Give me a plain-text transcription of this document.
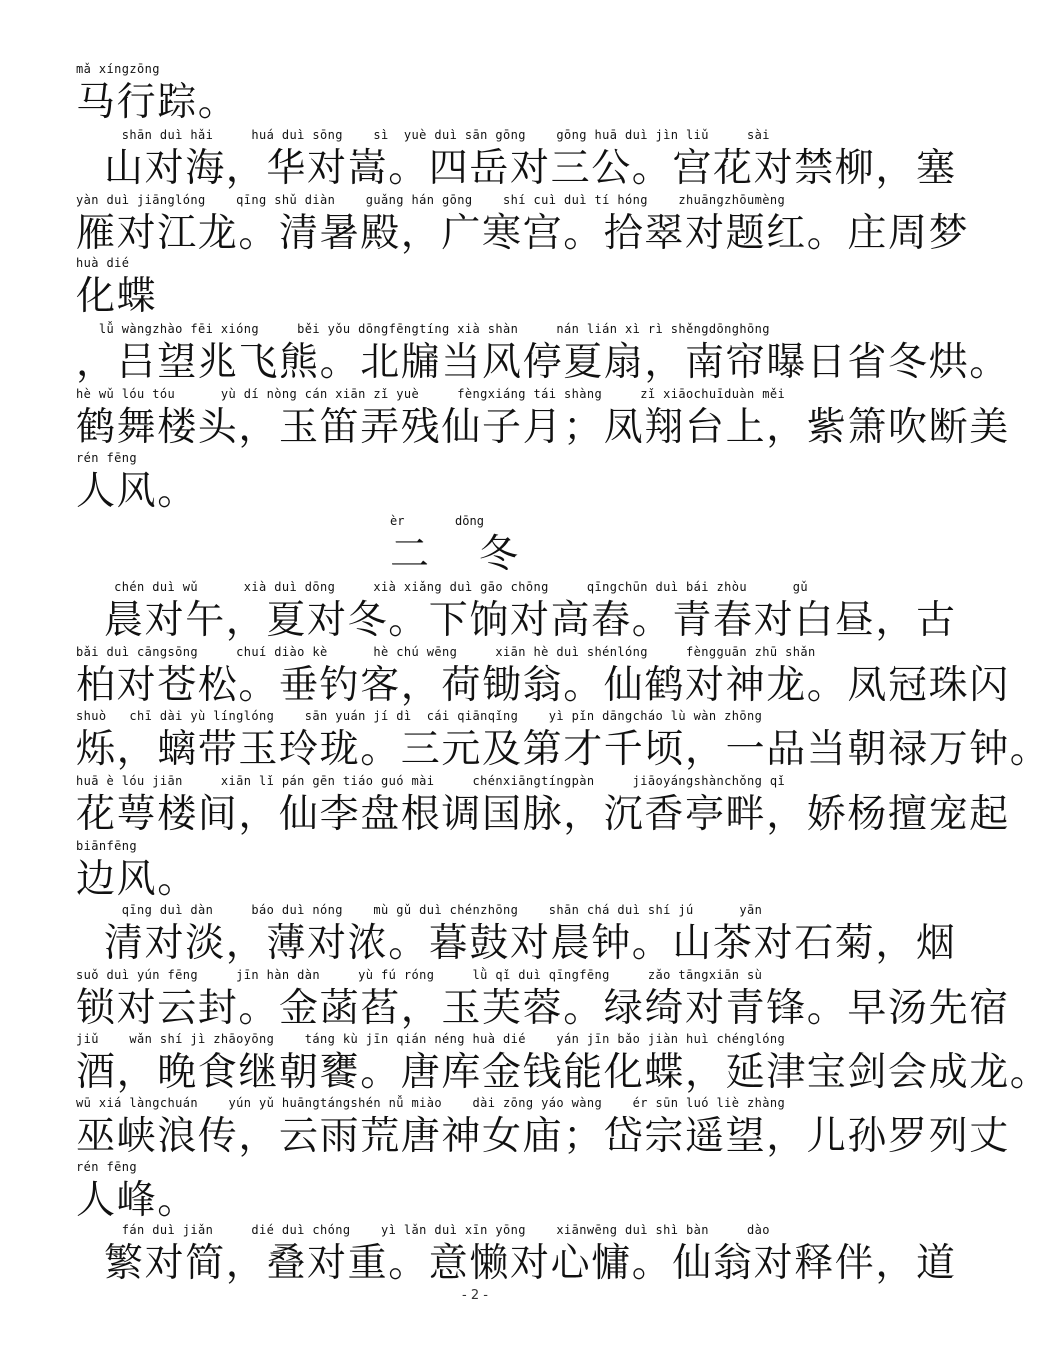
mǎ xíngzōng
马行踪。
shān duì hǎi     huá duì sōng    sì  yuè duì sān gōng    gōng huā duì jìn liǔ     sài
山对海，华对嵩。四岳对三公。宫花对禁柳，塞
yàn duì jiānglóng    qīng shǔ diàn    guǎng hán gōng    shí cuì duì tí hóng    zhuāngzhōumèng
雁对江龙。清暑殿，广寒宫。拾翠对题红。庄周梦
huà dié
化蝶
lǚ wàngzhào fēi xióng     běi yǒu dōngfēngtíng xià shàn     nán lián xì rì shěngdōnghōng
，吕望兆飞熊。北牖当风停夏扇，南帘曝日省冬烘。
hè wǔ lóu tóu      yù dí nòng cán xiān zǐ yuè     fèngxiáng tái shàng     zǐ xiāochuīduàn měi
鹤舞楼头，玉笛弄残仙子月；凤翔台上，紫箫吹断美
rén fēng
人风。
èr       dōng
二冬
chén duì wǔ      xià duì dōng     xià xiǎng duì gāo chōng     qīngchūn duì bái zhòu      gǔ
晨对午，夏对冬。下饷对高舂。青春对白昼，古
bǎi duì cāngsōng     chuí diào kè      hè chú wēng     xiān hè duì shénlóng     fèngguān zhū shǎn
柏对苍松。垂钓客，荷锄翁。仙鹤对神龙。凤冠珠闪
shuò   chī dài yù línglóng    sān yuán jí dì  cái qiānqǐng    yì pǐn dāngcháo lù wàn zhōng
烁，螭带玉玲珑。三元及第才千顷，一品当朝禄万钟。
huā è lóu jiān     xiān lǐ pán gēn tiáo guó mài     chénxiāngtíngpàn     jiāoyángshànchǒng qǐ
花萼楼间，仙李盘根调国脉，沉香亭畔，娇杨擅宠起
biānfēng
边风。
qīng duì dàn     báo duì nóng    mù gǔ duì chénzhōng    shān chá duì shí jú      yān
清对淡，薄对浓。暮鼓对晨钟。山茶对石菊，烟
suǒ duì yún fēng     jīn hàn dàn     yù fú róng     lǜ qǐ duì qīngfēng     zǎo tāngxiān sù
锁对云封。金菡萏，玉芙蓉。绿绮对青锋。早汤先宿
jiǔ    wǎn shí jì zhāoyōng    táng kù jīn qián néng huà dié    yán jīn bǎo jiàn huì chénglóng
酒，晚食继朝饔。唐库金钱能化蝶，延津宝剑会成龙。
wū xiá làngchuán    yún yǔ huāngtángshén nǚ miào    dài zōng yáo wàng    ér sūn luó liè zhàng
巫峡浪传，云雨荒唐神女庙；岱宗遥望，儿孙罗列丈
rén fēng
人峰。
fán duì jiǎn     dié duì chóng    yì lǎn duì xīn yōng    xiānwēng duì shì bàn     dào
繁对简，叠对重。意懒对心慵。仙翁对释伴，道
- 2 -
